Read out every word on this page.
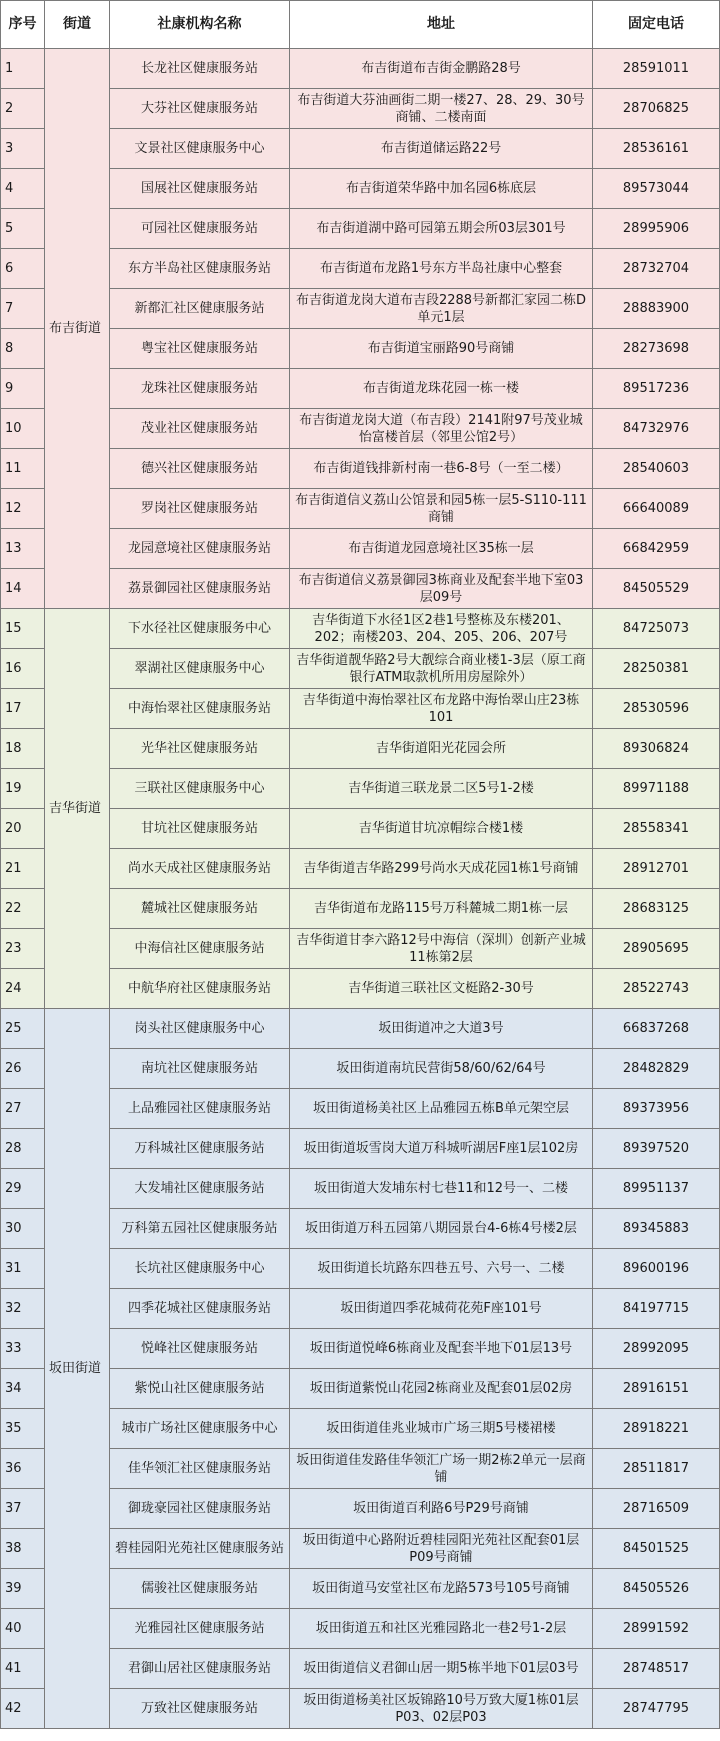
序号	街道	社康机构名称	地址	固定电话
1	布吉街道	长龙社区健康服务站	布吉街道布吉街金鹏路28号	28591011
2		大芬社区健康服务站	布吉街道大芬油画街二期一楼27、28、29、30号商铺、二楼南面	28706825
3		文景社区健康服务中心	布吉街道储运路22号	28536161
4		国展社区健康服务站	布吉街道荣华路中加名园6栋底层	89573044
5		可园社区健康服务站	布吉街道湖中路可园第五期会所03层301号	28995906
6		东方半岛社区健康服务站	布吉街道布龙路1号东方半岛社康中心整套	28732704
7		新都汇社区健康服务站	布吉街道龙岗大道布吉段2288号新都汇家园二栋D单元1层	28883900
8		粤宝社区健康服务站	布吉街道宝丽路90号商铺	28273698
9		龙珠社区健康服务站	布吉街道龙珠花园一栋一楼	89517236
10		茂业社区健康服务站	布吉街道龙岗大道（布吉段）2141附97号茂业城怡富楼首层（邻里公馆2号）	84732976
11		德兴社区健康服务站	布吉街道钱排新村南一巷6-8号（一至二楼）	28540603
12		罗岗社区健康服务站	布吉街道信义荔山公馆景和园5栋一层5-S110-111商铺	66640089
13		龙园意境社区健康服务站	布吉街道龙园意境社区35栋一层	66842959
14		荔景御园社区健康服务站	布吉街道信义荔景御园3栋商业及配套半地下室03层09号	84505529
15	吉华街道	下水径社区健康服务中心	吉华街道下水径1区2巷1号整栋及东楼201、202；南楼203、204、205、206、207号	84725073
16		翠湖社区健康服务中心	吉华街道靓华路2号大靓综合商业楼1-3层（原工商银行ATM取款机所用房屋除外）	28250381
17		中海怡翠社区健康服务站	吉华街道中海怡翠社区布龙路中海怡翠山庄23栋101	28530596
18		光华社区健康服务站	吉华街道阳光花园会所	89306824
19		三联社区健康服务中心	吉华街道三联龙景二区5号1-2楼	89971188
20		甘坑社区健康服务站	吉华街道甘坑凉帽综合楼1楼	28558341
21		尚水天成社区健康服务站	吉华街道吉华路299号尚水天成花园1栋1号商铺	28912701
22		麓城社区健康服务站	吉华街道布龙路115号万科麓城二期1栋一层	28683125
23		中海信社区健康服务站	吉华街道甘李六路12号中海信（深圳）创新产业城11栋第2层	28905695
24		中航华府社区健康服务站	吉华街道三联社区文梃路2-30号	28522743
25	坂田街道	岗头社区健康服务中心	坂田街道冲之大道3号	66837268
26		南坑社区健康服务站	坂田街道南坑民营街58/60/62/64号	28482829
27		上品雅园社区健康服务站	坂田街道杨美社区上品雅园五栋B单元架空层	89373956
28		万科城社区健康服务站	坂田街道坂雪岗大道万科城听湖居F座1层102房	89397520
29		大发埔社区健康服务站	坂田街道大发埔东村七巷11和12号一、二楼	89951137
30		万科第五园社区健康服务站	坂田街道万科五园第八期园景台4-6栋4号楼2层	89345883
31		长坑社区健康服务中心	坂田街道长坑路东四巷五号、六号一、二楼	89600196
32		四季花城社区健康服务站	坂田街道四季花城荷花苑F座101号	84197715
33		悦峰社区健康服务站	坂田街道悦峰6栋商业及配套半地下01层13号	28992095
34		紫悦山社区健康服务站	坂田街道紫悦山花园2栋商业及配套01层02房	28916151
35		城市广场社区健康服务中心	坂田街道佳兆业城市广场三期5号楼裙楼	28918221
36		佳华领汇社区健康服务站	坂田街道佳发路佳华领汇广场一期2栋2单元一层商铺	28511817
37		御珑豪园社区健康服务站	坂田街道百利路6号P29号商铺	28716509
38		碧桂园阳光苑社区健康服务站	坂田街道中心路附近碧桂园阳光苑社区配套01层P09号商铺	84501525
39		儒骏社区健康服务站	坂田街道马安堂社区布龙路573号105号商铺	84505526
40		光雅园社区健康服务站	坂田街道五和社区光雅园路北一巷2号1-2层	28991592
41		君御山居社区健康服务站	坂田街道信义君御山居一期5栋半地下01层03号	28748517
42		万致社区健康服务站	坂田街道杨美社区坂锦路10号万致大厦1栋01层P03、02层P03	28747795
